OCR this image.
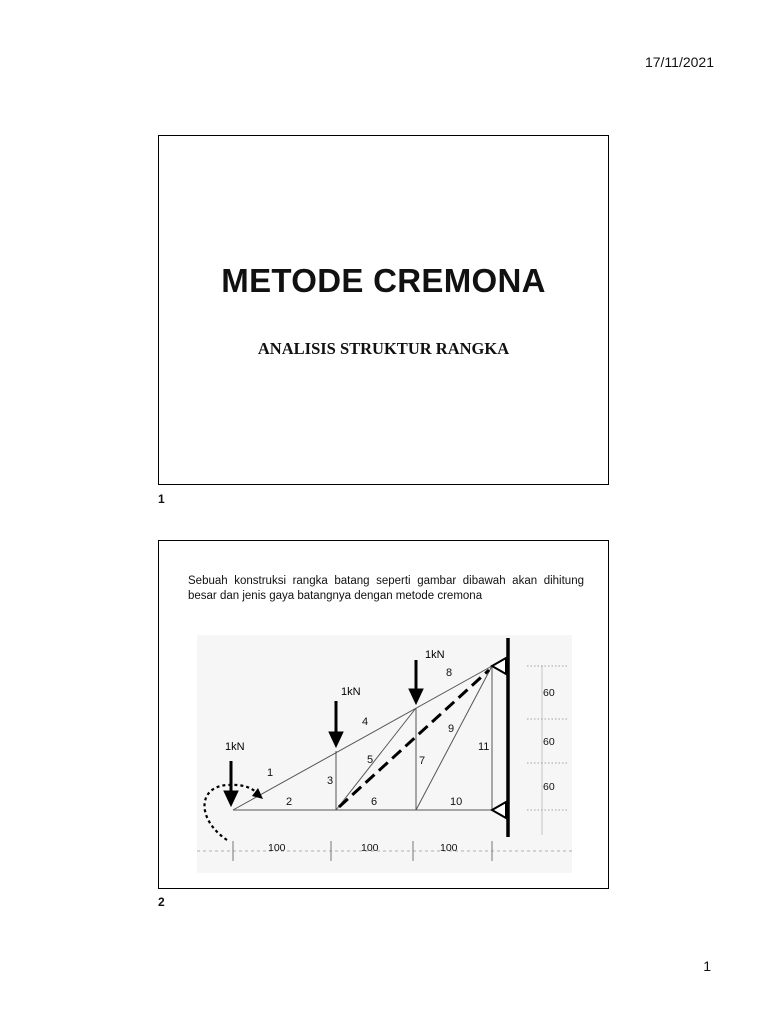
17/11/2021
METODE CREMONA
ANALISIS STRUKTUR RANGKA
1
Sebuah konstruksi rangka batang seperti gambar dibawah akan dihitung besar dan jenis gaya batangnya dengan metode cremona
1kN
1kN
1kN
1
2
3
4
5
6
7
8
9
10
11
100	100	100
60
60
60
2
1
